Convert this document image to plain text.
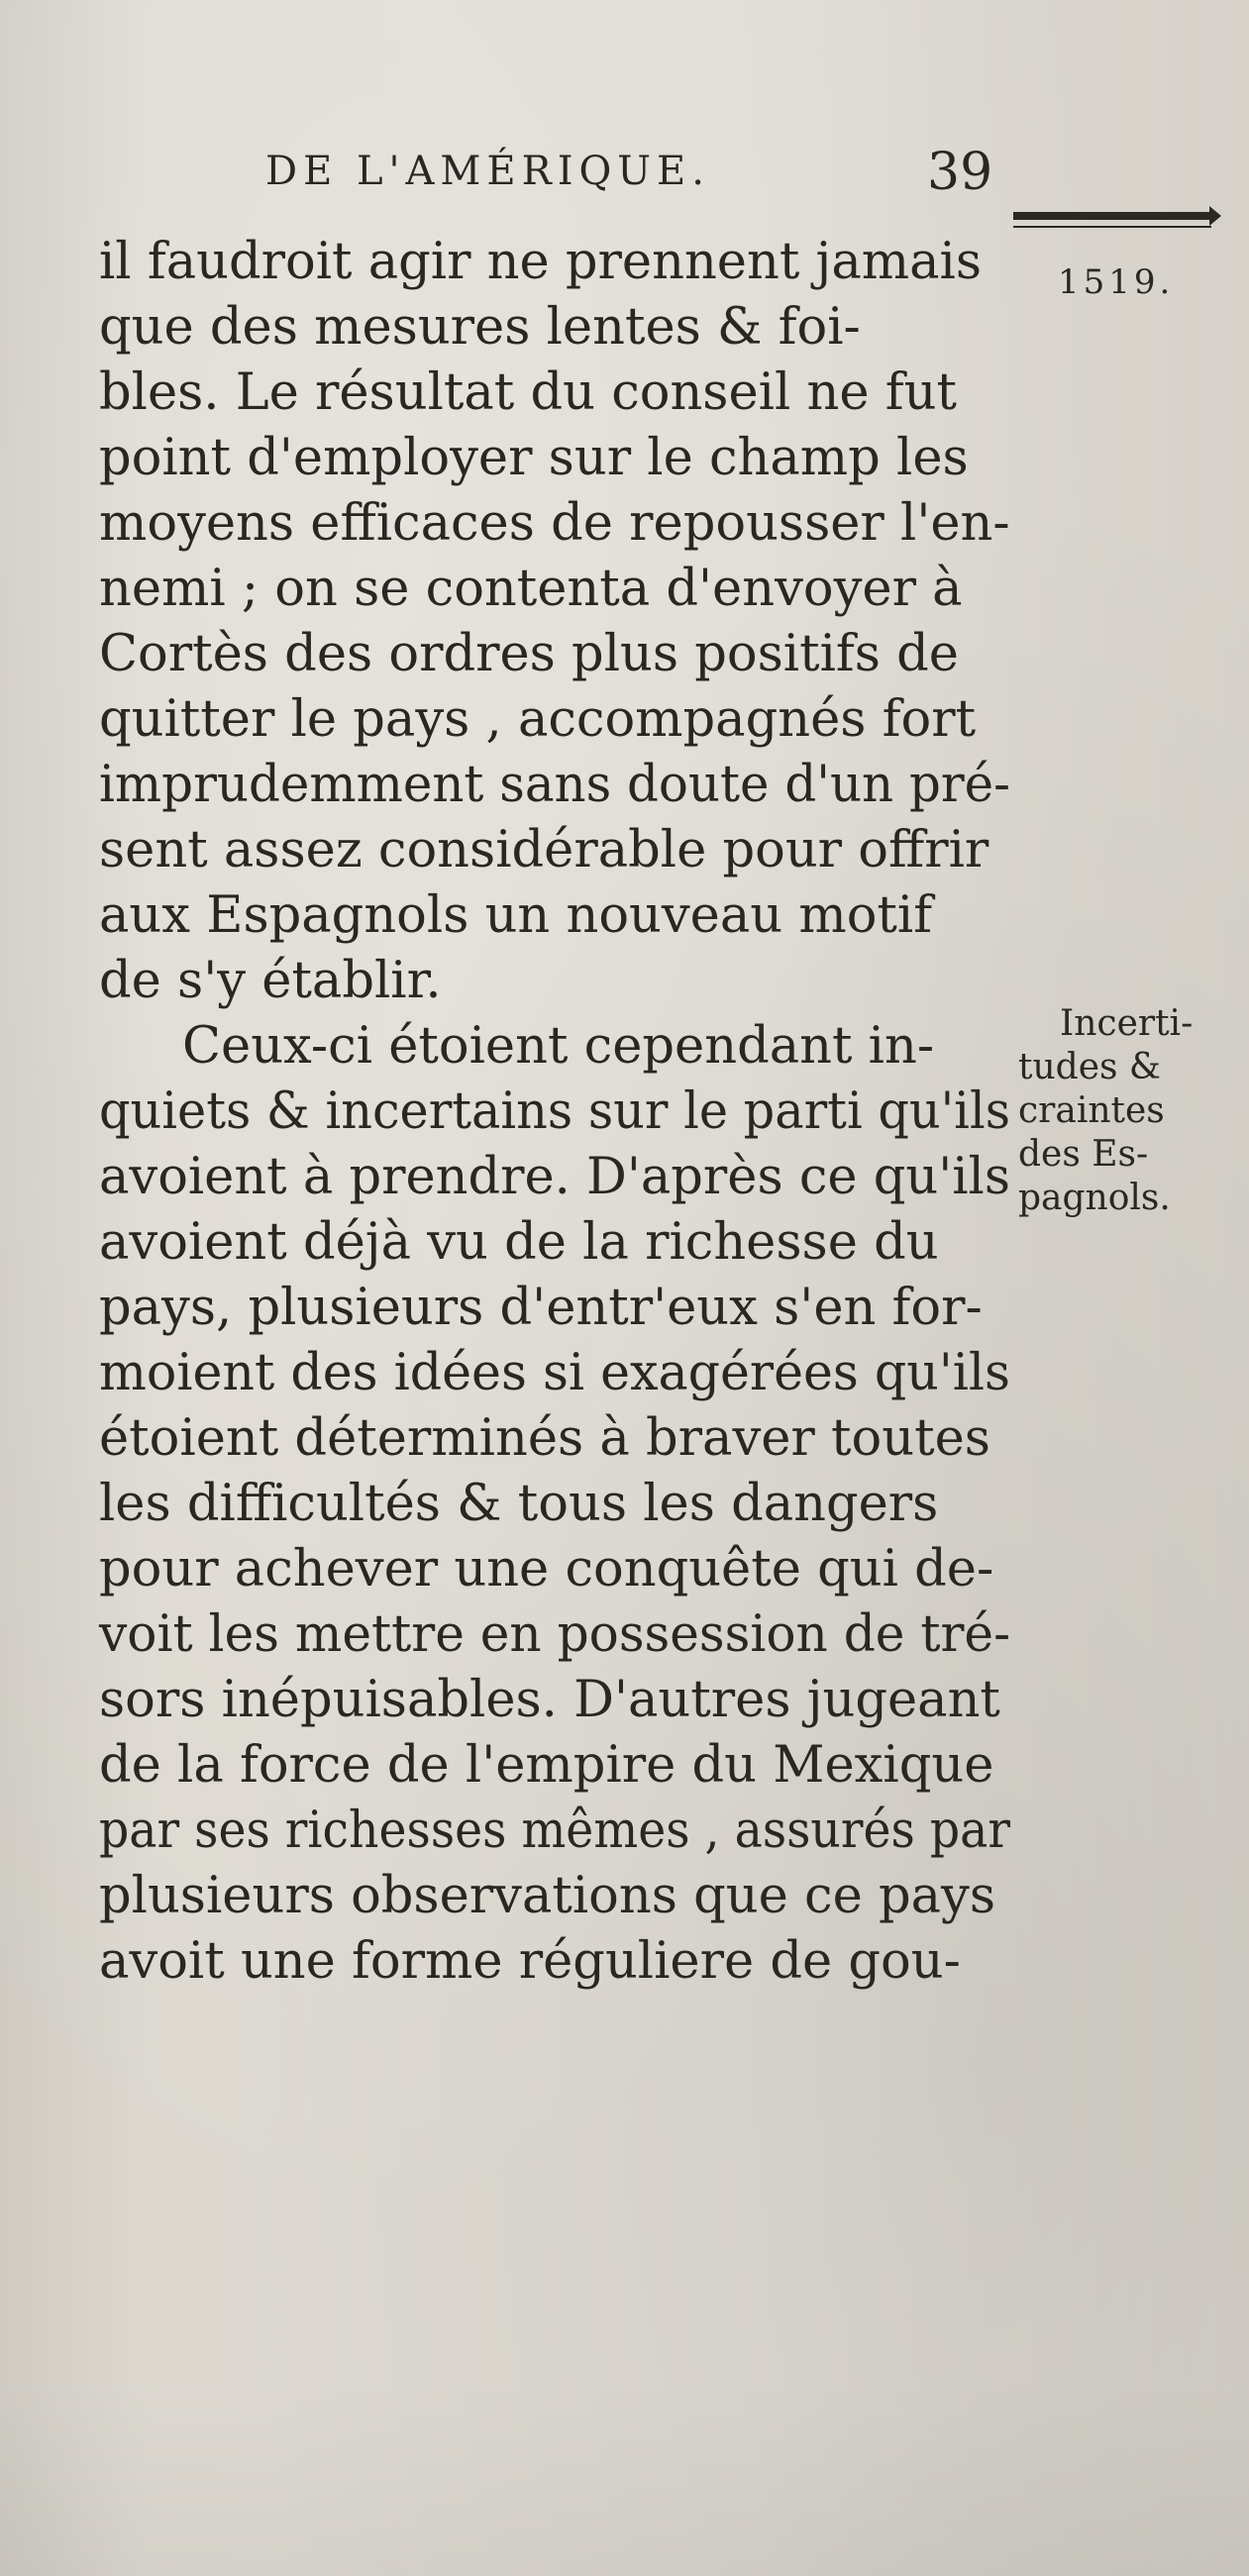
DE L'AMÉRIQUE.	39
1519.
il faudroit agir ne prennent jamais
que des mesures lentes & foi-
bles. Le résultat du conseil ne fut
point d'employer sur le champ les
moyens efficaces de repousser l'en-
nemi ; on se contenta d'envoyer à
Cortès des ordres plus positifs de
quitter le pays , accompagnés fort
imprudemment sans doute d'un pré-
sent assez considérable pour offrir
aux Espagnols un nouveau motif
de s'y établir.
Ceux-ci étoient cependant in-
quiets & incertains sur le parti qu'ils
avoient à prendre. D'après ce qu'ils
avoient déjà vu de la richesse du
pays, plusieurs d'entr'eux s'en for-
moient des idées si exagérées qu'ils
étoient déterminés à braver toutes
les difficultés & tous les dangers
pour achever une conquête qui de-
voit les mettre en possession de tré-
sors inépuisables. D'autres jugeant
de la force de l'empire du Mexique
par ses richesses mêmes , assurés par
plusieurs observations que ce pays
avoit une forme réguliere de gou-
Incerti-
tudes &
craintes
des Es-
pagnols.
